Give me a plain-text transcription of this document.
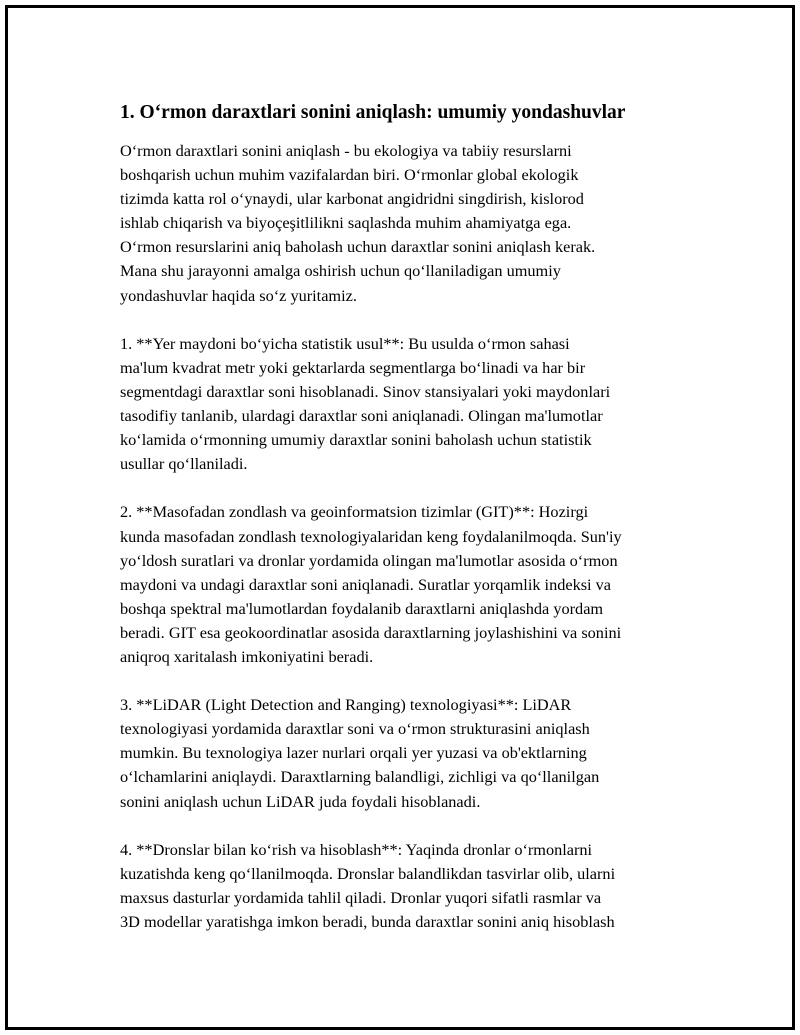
1. O‘rmon daraxtlari sonini aniqlash: umumiy yondashuvlar

O‘rmon daraxtlari sonini aniqlash - bu ekologiya va tabiiy resurslarni
boshqarish uchun muhim vazifalardan biri. O‘rmonlar global ekologik
tizimda katta rol o‘ynaydi, ular karbonat angidridni singdirish, kislorod
ishlab chiqarish va biyoçeşitlilikni saqlashda muhim ahamiyatga ega.
O‘rmon resurslarini aniq baholash uchun daraxtlar sonini aniqlash kerak.
Mana shu jarayonni amalga oshirish uchun qo‘llaniladigan umumiy
yondashuvlar haqida so‘z yuritamiz.

1. **Yer maydoni bo‘yicha statistik usul**: Bu usulda o‘rmon sahasi
ma'lum kvadrat metr yoki gektarlarda segmentlarga bo‘linadi va har bir
segmentdagi daraxtlar soni hisoblanadi. Sinov stansiyalari yoki maydonlari
tasodifiy tanlanib, ulardagi daraxtlar soni aniqlanadi. Olingan ma'lumotlar
ko‘lamida o‘rmonning umumiy daraxtlar sonini baholash uchun statistik
usullar qo‘llaniladi.

2. **Masofadan zondlash va geoinformatsion tizimlar (GIT)**: Hozirgi
kunda masofadan zondlash texnologiyalaridan keng foydalanilmoqda. Sun'iy
yo‘ldosh suratlari va dronlar yordamida olingan ma'lumotlar asosida o‘rmon
maydoni va undagi daraxtlar soni aniqlanadi. Suratlar yorqamlik indeksi va
boshqa spektral ma'lumotlardan foydalanib daraxtlarni aniqlashda yordam
beradi. GIT esa geokoordinatlar asosida daraxtlarning joylashishini va sonini
aniqroq xaritalash imkoniyatini beradi.

3. **LiDAR (Light Detection and Ranging) texnologiyasi**: LiDAR
texnologiyasi yordamida daraxtlar soni va o‘rmon strukturasini aniqlash
mumkin. Bu texnologiya lazer nurlari orqali yer yuzasi va ob'ektlarning
o‘lchamlarini aniqlaydi. Daraxtlarning balandligi, zichligi va qo‘llanilgan
sonini aniqlash uchun LiDAR juda foydali hisoblanadi.

4. **Dronslar bilan ko‘rish va hisoblash**: Yaqinda dronlar o‘rmonlarni
kuzatishda keng qo‘llanilmoqda. Dronslar balandlikdan tasvirlar olib, ularni
maxsus dasturlar yordamida tahlil qiladi. Dronlar yuqori sifatli rasmlar va
3D modellar yaratishga imkon beradi, bunda daraxtlar sonini aniq hisoblash
